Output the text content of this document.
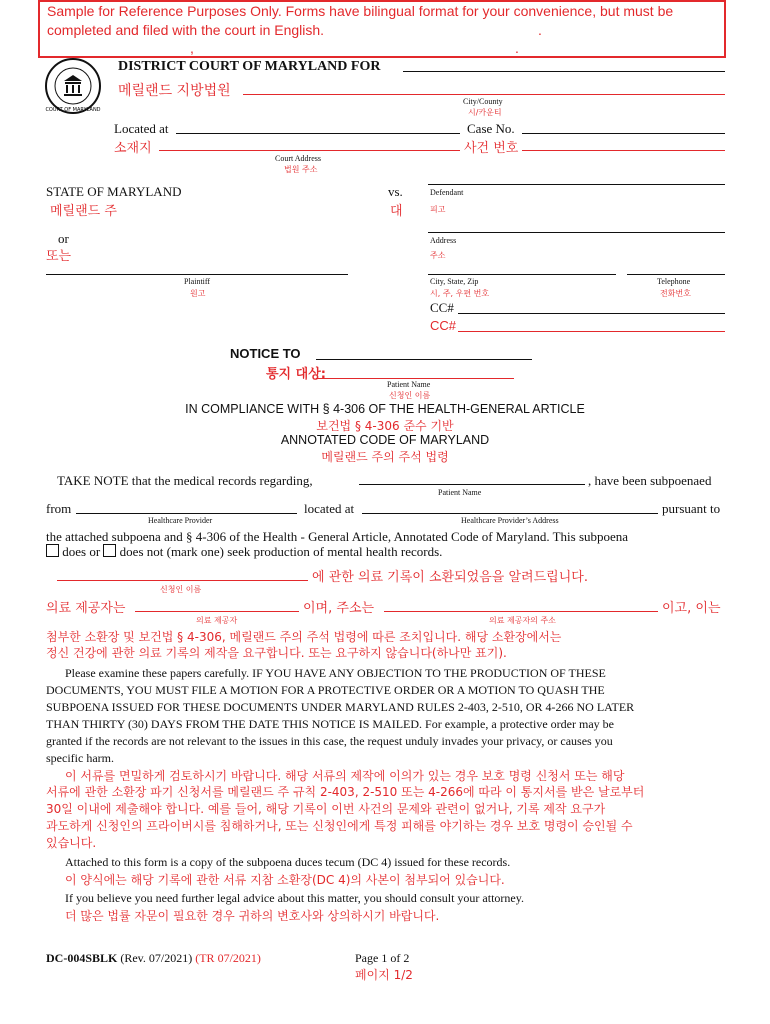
Sample for Reference Purposes Only. Forms have bilingual format for your convenience, but must be
completed and filed with the court in English.	.
,	.
COURT OF MARYLAND
DISTRICT COURT OF MARYLAND FOR
메릴랜드 지방법원
City/County
시/카운티
Located at	Case No.
소재지	사건 번호
Court Address
법원 주소
STATE OF MARYLAND
메릴랜드 주
vs.
대
Defendant
피고
or
또는
Address
주소
Plaintiff
원고
City, State, Zip
시, 주, 우편 번호
Telephone
전화번호
CC#
CC#
NOTICE TO
통지 대상:
Patient Name
신청인 이름
IN COMPLIANCE WITH § 4-306 OF THE HEALTH-GENERAL ARTICLE
보건법 § 4-306 준수 기반
ANNOTATED CODE OF MARYLAND
메릴랜드 주의 주석 법령
TAKE NOTE that the medical records regarding,	, have been subpoenaed
Patient Name
from	located at	pursuant to
Healthcare Provider	Healthcare Provider’s Address
the attached subpoena and § 4-306 of the Health - General Article, Annotated Code of Maryland. This subpoena
does or does not (mark one) seek production of mental health records.
에 관한 의료 기록이 소환되었음을 알려드립니다.
신청인 이름
의료 제공자는	이며, 주소는	이고, 이는
의료 제공자	의료 제공자의 주소
첨부한 소환장 및 보건법 § 4-306, 메릴랜드 주의 주석 법령에 따른 조치입니다. 해당 소환장에서는
정신 건강에 관한 의료 기록의 제작을 요구합니다. 또는 요구하지 않습니다(하나만 표기).
Please examine these papers carefully. IF YOU HAVE ANY OBJECTION TO THE PRODUCTION OF THESE
DOCUMENTS, YOU MUST FILE A MOTION FOR A PROTECTIVE ORDER OR A MOTION TO QUASH THE
SUBPOENA ISSUED FOR THESE DOCUMENTS UNDER MARYLAND RULES 2-403, 2-510, OR 4-266 NO LATER
THAN THIRTY (30) DAYS FROM THE DATE THIS NOTICE IS MAILED. For example, a protective order may be
granted if the records are not relevant to the issues in this case, the request unduly invades your privacy, or causes you
specific harm.
이 서류를 면밀하게 검토하시기 바랍니다. 해당 서류의 제작에 이의가 있는 경우 보호 명령 신청서 또는 해당
서류에 관한 소환장 파기 신청서를 메릴랜드 주 규칙 2-403, 2-510 또는 4-266에 따라 이 통지서를 받은 날로부터
30일 이내에 제출해야 합니다. 예를 들어, 해당 기록이 이번 사건의 문제와 관련이 없거나, 기록 제작 요구가
과도하게 신청인의 프라이버시를 침해하거나, 또는 신청인에게 특정 피해를 야기하는 경우 보호 명령이 승인될 수
있습니다.
Attached to this form is a copy of the subpoena duces tecum (DC 4) issued for these records.
이 양식에는 해당 기록에 관한 서류 지참 소환장(DC 4)의 사본이 첨부되어 있습니다.
If you believe you need further legal advice about this matter, you should consult your attorney.
더 많은 법률 자문이 필요한 경우 귀하의 변호사와 상의하시기 바랍니다.
DC-004SBLK (Rev. 07/2021) (TR 07/2021)	Page 1 of 2
페이지 1/2
